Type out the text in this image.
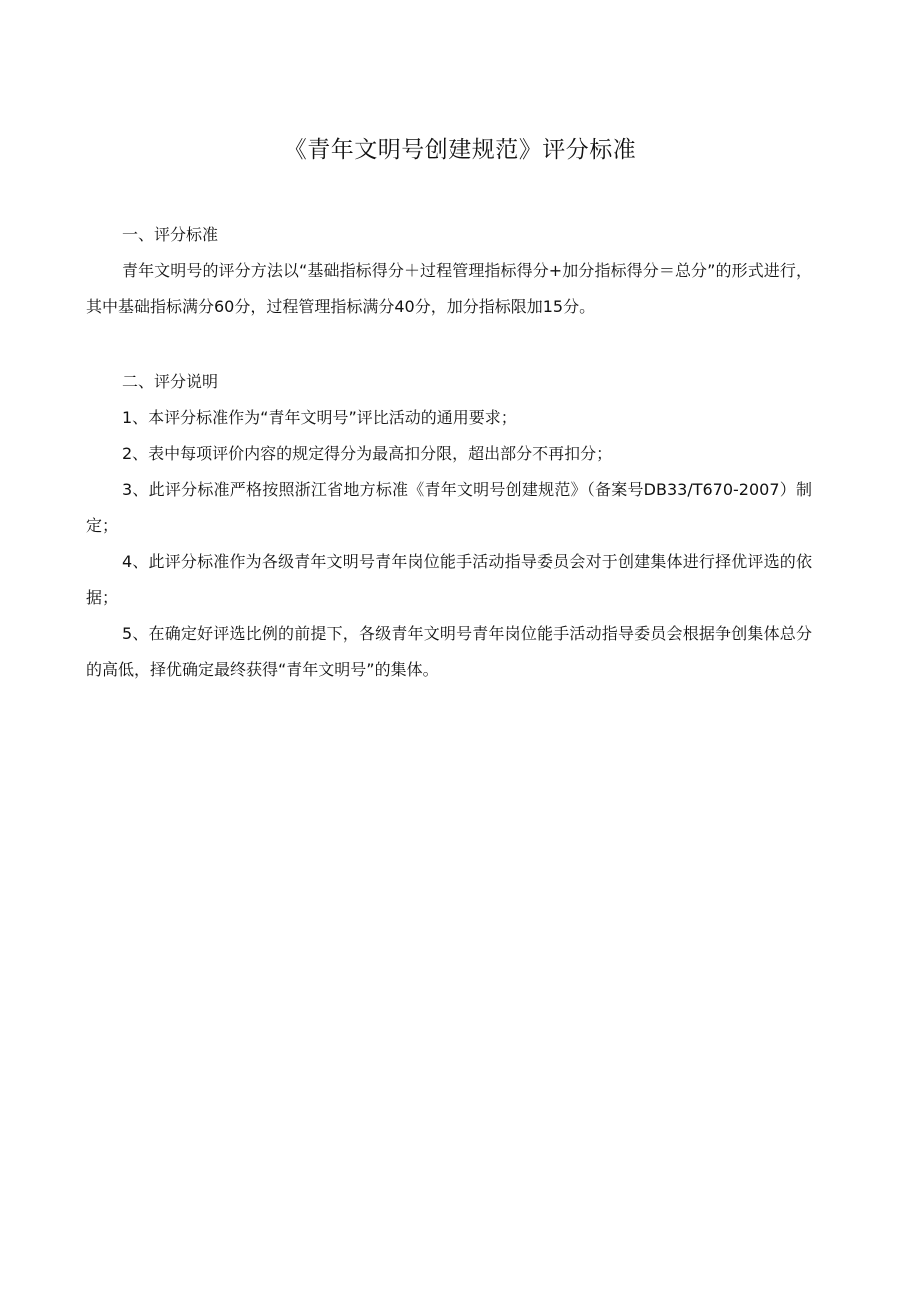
《青年文明号创建规范》评分标准

一、评分标准

青年文明号的评分方法以“基础指标得分＋过程管理指标得分+加分指标得分＝总分”的形式进行，其中基础指标满分60分，过程管理指标满分40分，加分指标限加15分。

二、评分说明

1、本评分标准作为“青年文明号”评比活动的通用要求；

2、表中每项评价内容的规定得分为最高扣分限，超出部分不再扣分；

3、此评分标准严格按照浙江省地方标准《青年文明号创建规范》（备案号DB33/T670-2007）制定；

4、此评分标准作为各级青年文明号青年岗位能手活动指导委员会对于创建集体进行择优评选的依据；

5、在确定好评选比例的前提下，各级青年文明号青年岗位能手活动指导委员会根据争创集体总分的高低，择优确定最终获得“青年文明号”的集体。
